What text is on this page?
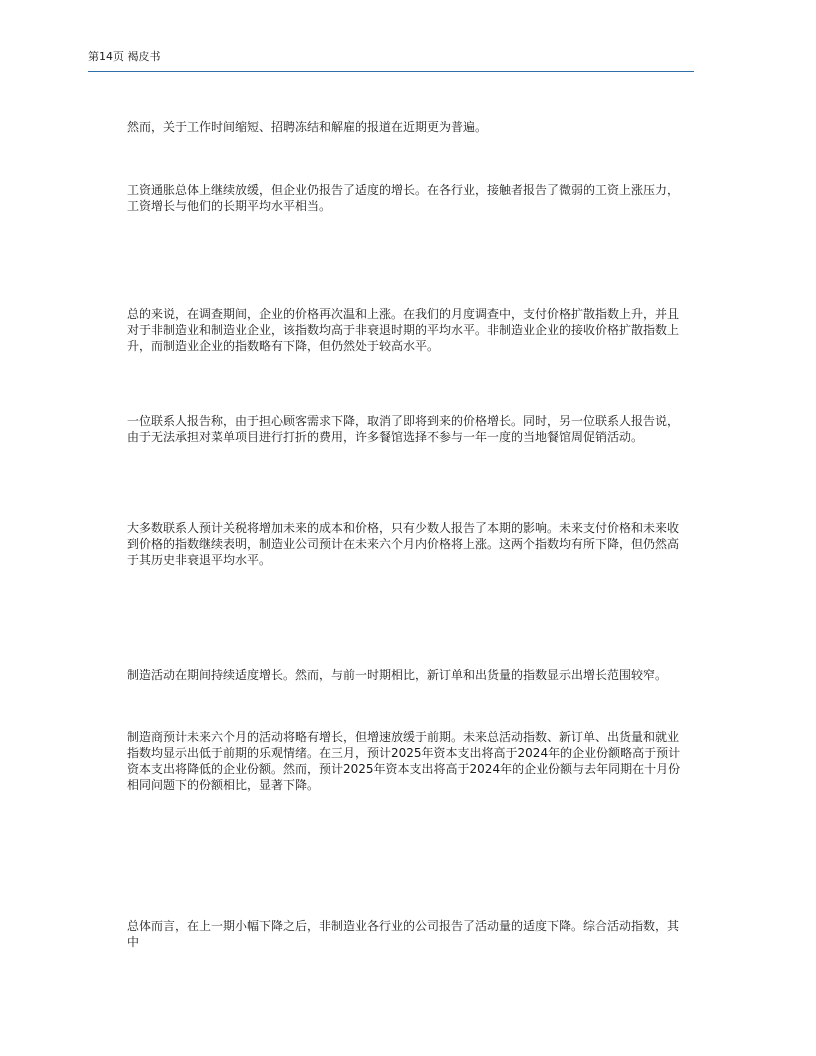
第14页 褐皮书

然而，关于工作时间缩短、招聘冻结和解雇的报道在近期更为普遍。

工资通胀总体上继续放缓，但企业仍报告了适度的增长。在各行业，接触者报告了微弱的工资上涨压力，工资增长与他们的长期平均水平相当。

总的来说，在调查期间，企业的价格再次温和上涨。在我们的月度调查中，支付价格扩散指数上升，并且对于非制造业和制造业企业，该指数均高于非衰退时期的平均水平。非制造业企业的接收价格扩散指数上升，而制造业企业的指数略有下降，但仍然处于较高水平。

一位联系人报告称，由于担心顾客需求下降，取消了即将到来的价格增长。同时，另一位联系人报告说，由于无法承担对菜单项目进行打折的费用，许多餐馆选择不参与一年一度的当地餐馆周促销活动。

大多数联系人预计关税将增加未来的成本和价格，只有少数人报告了本期的影响。未来支付价格和未来收到价格的指数继续表明，制造业公司预计在未来六个月内价格将上涨。这两个指数均有所下降，但仍然高于其历史非衰退平均水平。

制造活动在期间持续适度增长。然而，与前一时期相比，新订单和出货量的指数显示出增长范围较窄。

制造商预计未来六个月的活动将略有增长，但增速放缓于前期。未来总活动指数、新订单、出货量和就业指数均显示出低于前期的乐观情绪。在三月，预计2025年资本支出将高于2024年的企业份额略高于预计资本支出将降低的企业份额。然而，预计2025年资本支出将高于2024年的企业份额与去年同期在十月份相同问题下的份额相比，显著下降。

总体而言，在上一期小幅下降之后，非制造业各行业的公司报告了活动量的适度下降。综合活动指数，其中
